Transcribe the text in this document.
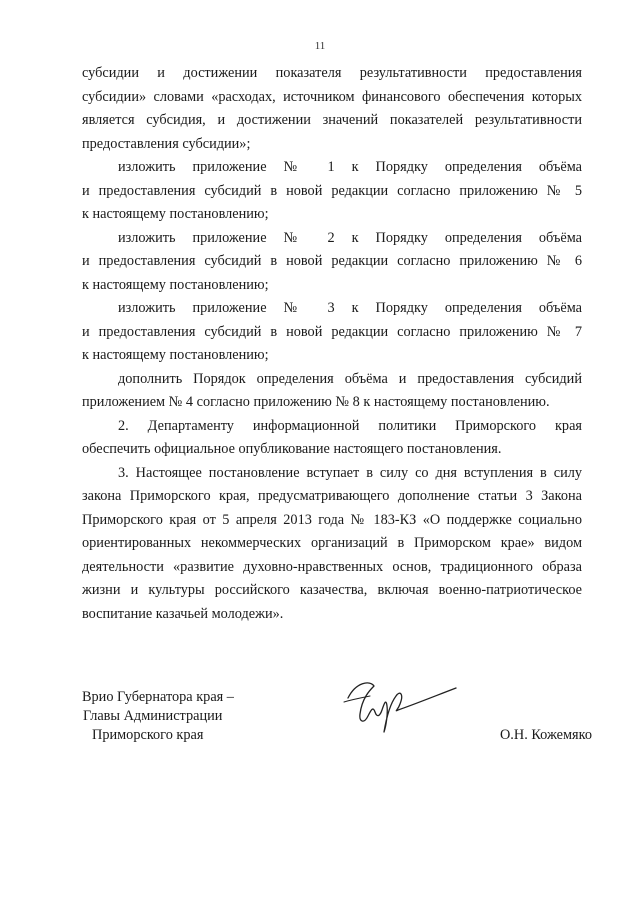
11
субсидии и достижении показателя результативности предоставления
субсидии» словами «расходах, источником финансового обеспечения которых
является субсидия, и достижении значений показателей результативности
предоставления субсидии»;
изложить приложение № 1 к Порядку определения объёма
и предоставления субсидий в новой редакции согласно приложению № 5
к настоящему постановлению;
изложить приложение № 2 к Порядку определения объёма
и предоставления субсидий в новой редакции согласно приложению № 6
к настоящему постановлению;
изложить приложение № 3 к Порядку определения объёма
и предоставления субсидий в новой редакции согласно приложению № 7
к настоящему постановлению;
дополнить Порядок определения объёма и предоставления субсидий
приложением № 4 согласно приложению № 8 к настоящему постановлению.
2. Департаменту информационной политики Приморского края
обеспечить официальное опубликование настоящего постановления.
3. Настоящее постановление вступает в силу со дня вступления в силу
закона Приморского края, предусматривающего дополнение статьи 3 Закона
Приморского края от 5 апреля 2013 года № 183-КЗ «О поддержке социально
ориентированных некоммерческих организаций в Приморском крае» видом
деятельности «развитие духовно-нравственных основ, традиционного образа
жизни и культуры российского казачества, включая военно-патриотическое
воспитание казачьей молодежи».
Врио Губернатора края –
Главы Администрации
Приморского края	О.Н. Кожемяко
